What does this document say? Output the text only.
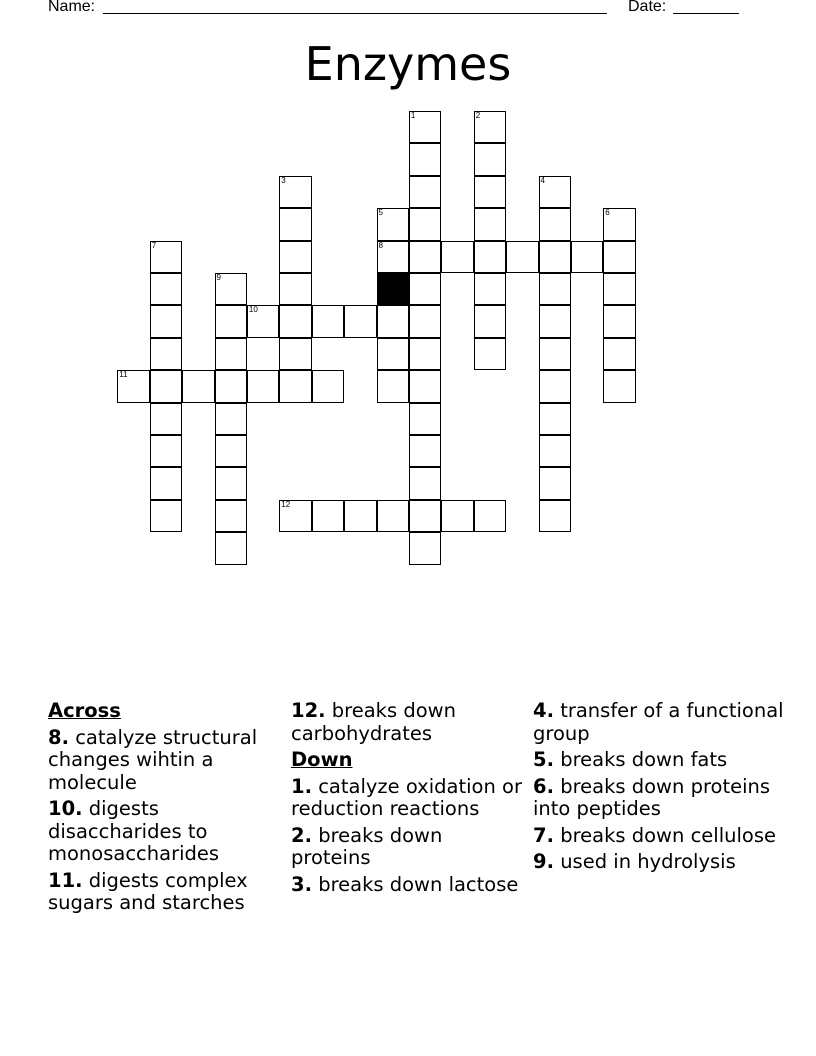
Name:	Date:
Enzymes
1	2
3	4
5	6
7	8
9
10
11
12
Across
8. catalyze structural changes wihtin a molecule
10. digests disaccharides to monosaccharides
11. digests complex sugars and starches
12. breaks down carbohydrates
Down
1. catalyze oxidation or reduction reactions
2. breaks down proteins
3. breaks down lactose
4. transfer of a functional group
5. breaks down fats
6. breaks down proteins into peptides
7. breaks down cellulose
9. used in hydrolysis
